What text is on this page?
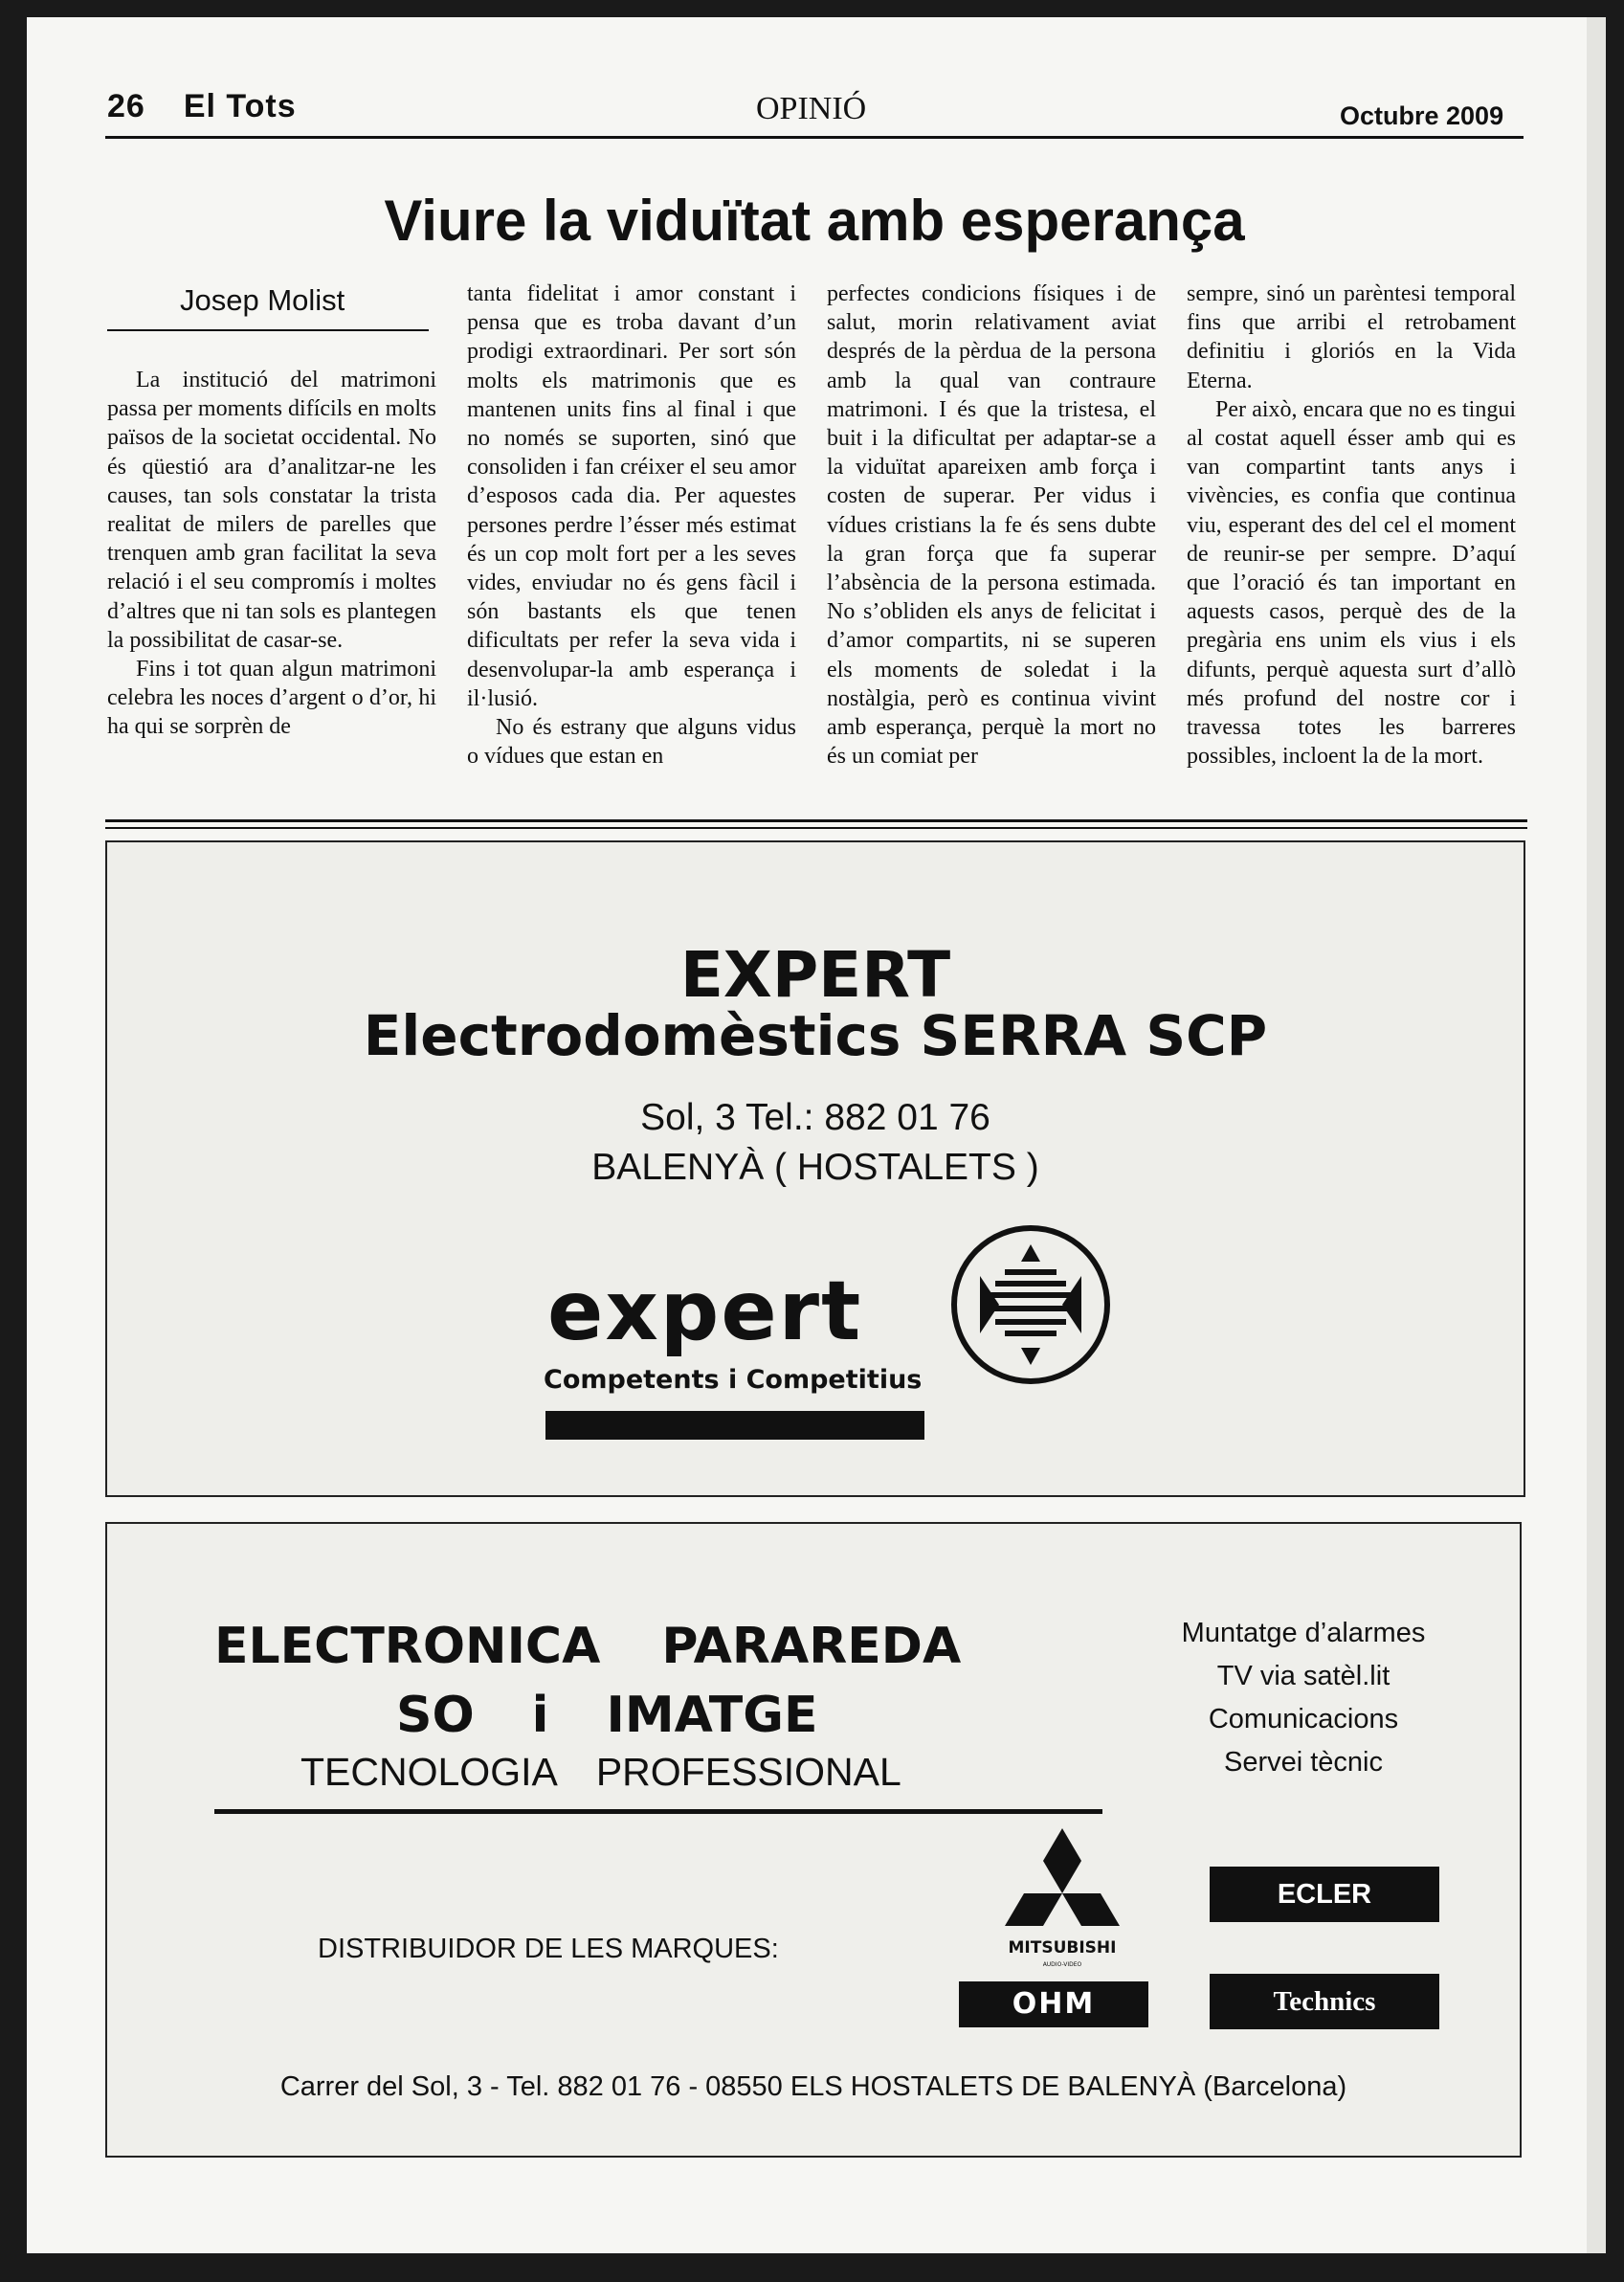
26 El Tots	OPINIÓ	Octubre 2009
Viure la viduïtat amb esperança
Josep Molist

La institució del matrimoni passa per moments difícils en molts països de la societat occidental. No és qüestió ara d’analitzar-ne les causes, tan sols constatar la trista realitat de milers de parelles que trenquen amb gran facilitat la seva relació i el seu compromís i moltes d’altres que ni tan sols es plantegen la possibilitat de casar-se.

Fins i tot quan algun matrimoni celebra les noces d’argent o d’or, hi ha qui se sorprèn de

tanta fidelitat i amor constant i pensa que es troba davant d’un prodigi extraordinari. Per sort són molts els matrimonis que es mantenen units fins al final i que no només se suporten, sinó que consoliden i fan créixer el seu amor d’esposos cada dia. Per aquestes persones perdre l’ésser més estimat és un cop molt fort per a les seves vides, enviudar no és gens fàcil i són bastants els que tenen dificultats per refer la seva vida i desenvolupar-la amb esperança i il·lusió.

No és estrany que alguns vidus o vídues que estan en

perfectes condicions físiques i de salut, morin relativament aviat després de la pèrdua de la persona amb la qual van contraure matrimoni. I és que la tristesa, el buit i la dificultat per adaptar-se a la viduïtat apareixen amb força i costen de superar. Per vidus i vídues cristians la fe és sens dubte la gran força que fa superar l’absència de la persona estimada. No s’obliden els anys de felicitat i d’amor compartits, ni se superen els moments de soledat i la nostàlgia, però es continua vivint amb esperança, perquè la mort no és un comiat per

sempre, sinó un parèntesi temporal fins que arribi el retrobament definitiu i gloriós en la Vida Eterna.

Per això, encara que no es tingui al costat aquell ésser amb qui es van compartint tants anys i vivències, es confia que continua viu, esperant des del cel el moment de reunir-se per sempre. D’aquí que l’oració és tan important en aquests casos, perquè des de la pregària ens unim els vius i els difunts, perquè aquesta surt d’allò més profund del nostre cor i travessa totes les barreres possibles, incloent la de la mort.

EXPERT
Electrodomèstics SERRA SCP
Sol, 3 Tel.: 882 01 76
BALENYÀ ( HOSTALETS )
expert
Competents i Competitius
ELECTRONICA PARAREDA
SO i IMATGE
TECNOLOGIA PROFESSIONAL
Muntatge d’alarmes
TV via satèl.lit
Comunicacions
Servei tècnic
DISTRIBUIDOR DE LES MARQUES:	MITSUBISHI
AUDIO-VIDEO
ECLER
OHM	Technics
Carrer del Sol, 3 - Tel. 882 01 76 - 08550 ELS HOSTALETS DE BALENYÀ (Barcelona)
